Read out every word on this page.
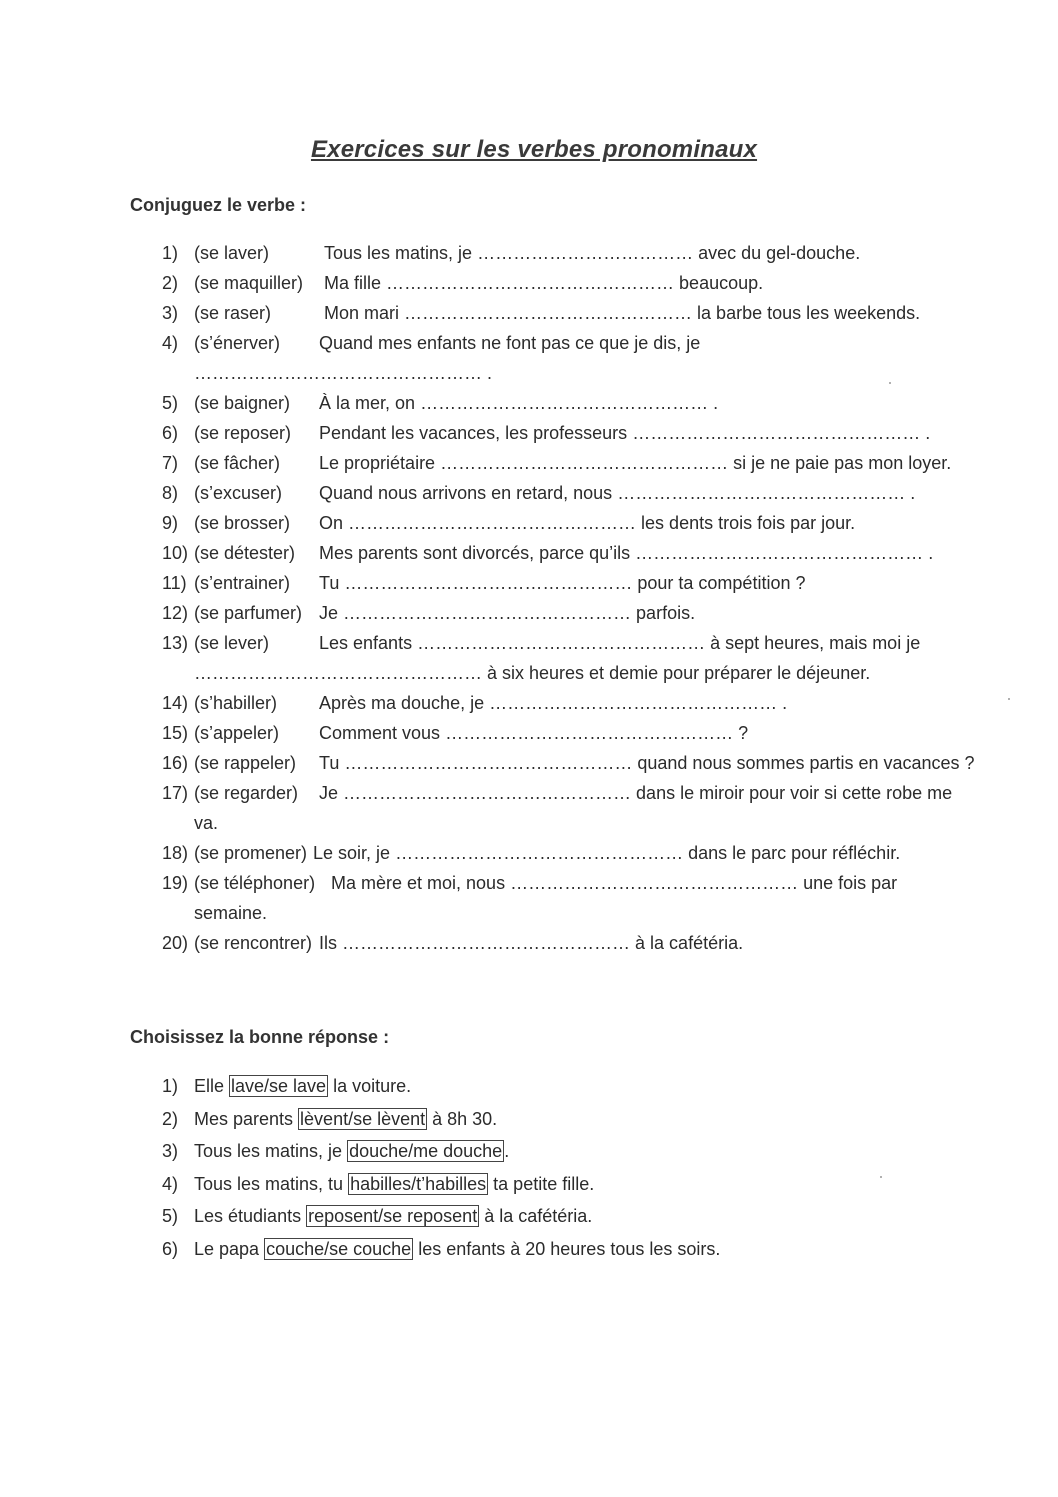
Exercices sur les verbes pronominaux
Conjuguez le verbe :
1) (se laver)	Tous les matins, je ……………………………… avec du gel-douche.
2) (se maquiller) Ma fille ………………………………………… beaucoup.
3) (se raser)	Mon mari ………………………………………… la barbe tous les weekends.
4) (s’énerver) Quand mes enfants ne font pas ce que je dis, je
………………………………………… .
5) (se baigner) À la mer, on ………………………………………… .
6) (se reposer) Pendant les vacances, les professeurs ………………………………………… .
7) (se fâcher) Le propriétaire ………………………………………… si je ne paie pas mon loyer.
8) (s’excuser) Quand nous arrivons en retard, nous ………………………………………… .
9) (se brosser) On ………………………………………… les dents trois fois par jour.
10) (se détester) Mes parents sont divorcés, parce qu’ils ………………………………………… .
11) (s’entrainer) Tu ………………………………………… pour ta compétition ?
12) (se parfumer) Je ………………………………………… parfois.
13) (se lever)	Les enfants ………………………………………… à sept heures, mais moi je
………………………………………… à six heures et demie pour préparer le déjeuner.
14) (s’habiller) Après ma douche, je ………………………………………… .
15) (s’appeler) Comment vous ………………………………………… ?
16) (se rappeler) Tu ………………………………………… quand nous sommes partis en vacances ?
17) (se regarder) Je ………………………………………… dans le miroir pour voir si cette robe me
va.
18) (se promener) Le soir, je ………………………………………… dans le parc pour réfléchir.
19) (se téléphoner) Ma mère et moi, nous ………………………………………… une fois par
semaine.
20) (se rencontrer) Ils ………………………………………… à la cafétéria.
Choisissez la bonne réponse :
1) Elle lave/se lave la voiture.
2) Mes parents lèvent/se lèvent à 8h 30.
3) Tous les matins, je douche/me douche .
4) Tous les matins, tu habilles/t’habilles ta petite fille.
5) Les étudiants reposent/se reposent à la cafétéria.
6) Le papa couche/se couche les enfants à 20 heures tous les soirs.
